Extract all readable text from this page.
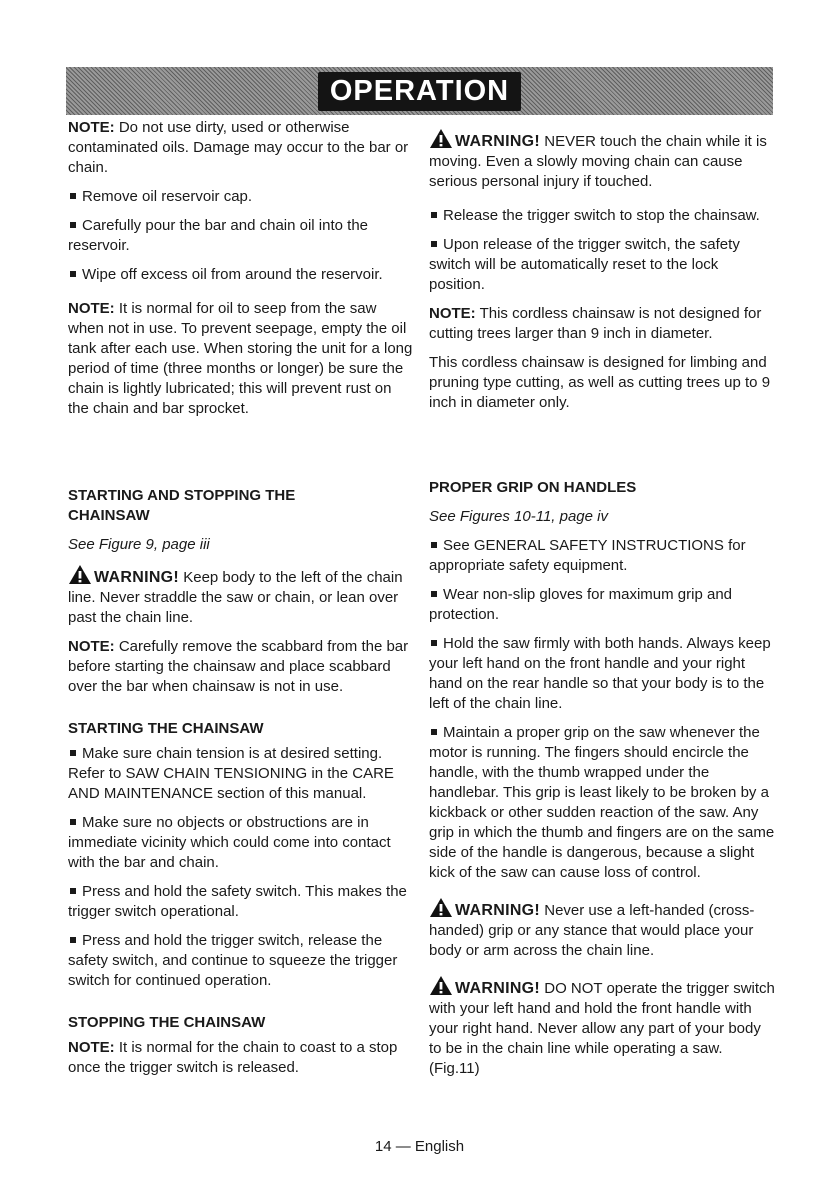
OPERATION

NOTE: Do not use dirty, used or otherwise contaminated oils. Damage may occur to the bar or chain.

Remove oil reservoir cap.

Carefully pour the bar and chain oil into the reservoir.

Wipe off excess oil from around the reservoir.

NOTE: It is normal for oil to seep from the saw when not in use. To prevent seepage, empty the oil tank after each use. When storing the unit for a long period of time (three months or longer) be sure the chain is lightly lubricated; this will prevent rust on the chain and bar sprocket.

STARTING AND STOPPING THE CHAINSAW

See Figure 9, page iii

WARNING! Keep body to the left of the chain line. Never straddle the saw or chain, or lean over past the chain line.

NOTE: Carefully remove the scabbard from the bar before starting the chainsaw and place scabbard over the bar when chainsaw is not in use.

STARTING THE CHAINSAW

Make sure chain tension is at desired setting. Refer to SAW CHAIN TENSIONING in the CARE AND MAINTENANCE section of this manual.

Make sure no objects or obstructions are in immediate vicinity which could come into contact with the bar and chain.

Press and hold the safety switch. This makes the trigger switch operational.

Press and hold the trigger switch, release the safety switch, and continue to squeeze the trigger switch for continued operation.

STOPPING THE CHAINSAW

NOTE: It is normal for the chain to coast to a stop once the trigger switch is released.

WARNING! NEVER touch the chain while it is moving. Even a slowly moving chain can cause serious personal injury if touched.

Release the trigger switch to stop the chainsaw.

Upon release of the trigger switch, the safety switch will be automatically reset to the lock position.

NOTE: This cordless chainsaw is not designed for cutting trees larger than 9 inch in diameter.

This cordless chainsaw is designed for limbing and pruning type cutting, as well as cutting trees up to 9 inch in diameter only.

PROPER GRIP ON HANDLES

See Figures 10-11, page iv

See GENERAL SAFETY INSTRUCTIONS for appropriate safety equipment.

Wear non-slip gloves for maximum grip and protection.

Hold the saw firmly with both hands. Always keep your left hand on the front handle and your right hand on the rear handle so that your body is to the left of the chain line.

Maintain a proper grip on the saw whenever the motor is running. The fingers should encircle the handle, with the thumb wrapped under the handlebar. This grip is least likely to be broken by a kickback or other sudden reaction of the saw. Any grip in which the thumb and fingers are on the same side of the handle is dangerous, because a slight kick of the saw can cause loss of control.

WARNING! Never use a left-handed (cross-handed) grip or any stance that would place your body or arm across the chain line.

WARNING! DO NOT operate the trigger switch with your left hand and hold the front handle with your right hand. Never allow any part of your body to be in the chain line while operating a saw. (Fig.11)

14 — English
